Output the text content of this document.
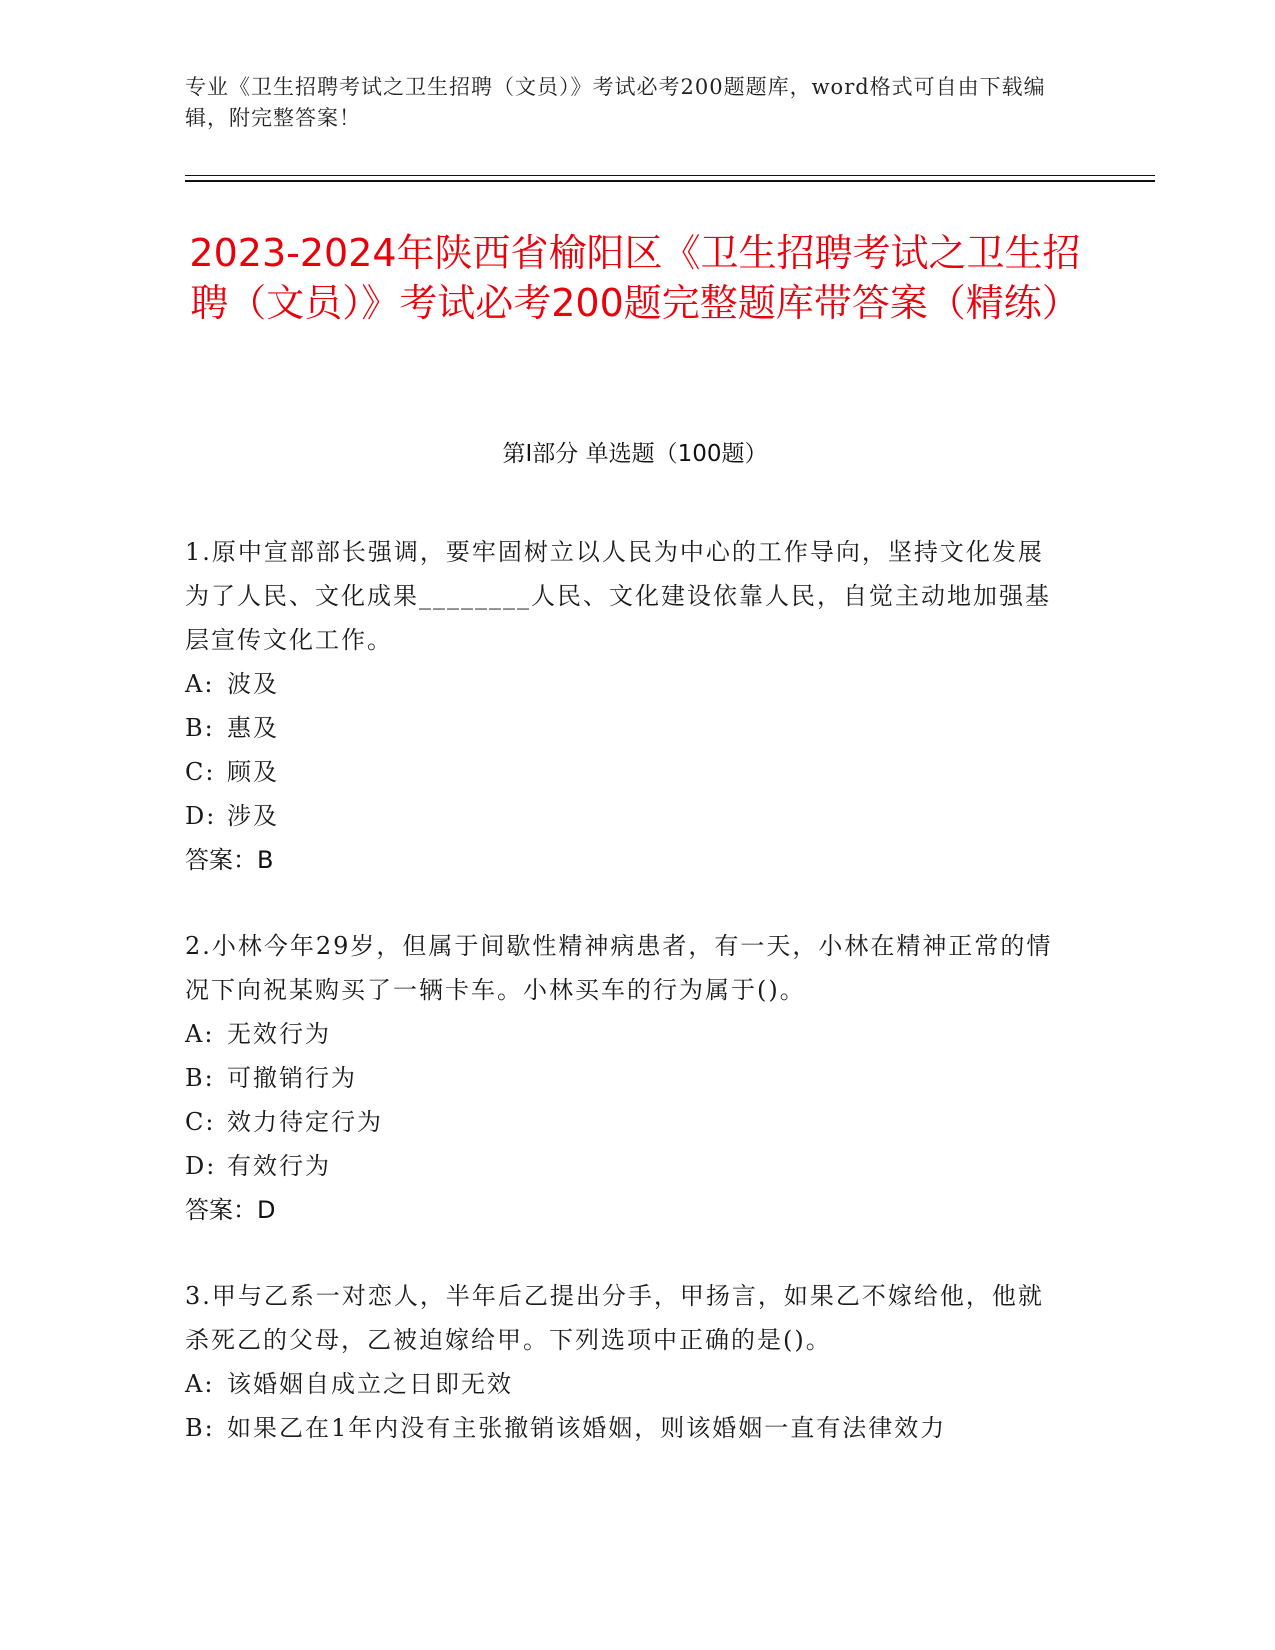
专业《卫生招聘考试之卫生招聘（文员）》考试必考200题题库，word格式可自由下载编辑，附完整答案！
2023-2024年陕西省榆阳区《卫生招聘考试之卫生招聘（文员）》考试必考200题完整题库带答案（精练）
第I部分 单选题（100题）

1.原中宣部部长强调，要牢固树立以人民为中心的工作导向，坚持文化发展为了人民、文化成果________人民、文化建设依靠人民，自觉主动地加强基层宣传文化工作。

A: 波及
B: 惠及
C: 顾及
D: 涉及
答案：B

2.小林今年29岁，但属于间歇性精神病患者，有一天，小林在精神正常的情况下向祝某购买了一辆卡车。小林买车的行为属于()。

A: 无效行为
B: 可撤销行为
C: 效力待定行为
D: 有效行为
答案：D

3.甲与乙系一对恋人，半年后乙提出分手，甲扬言，如果乙不嫁给他，他就杀死乙的父母，乙被迫嫁给甲。下列选项中正确的是()。

A: 该婚姻自成立之日即无效
B: 如果乙在1年内没有主张撤销该婚姻，则该婚姻一直有法律效力
